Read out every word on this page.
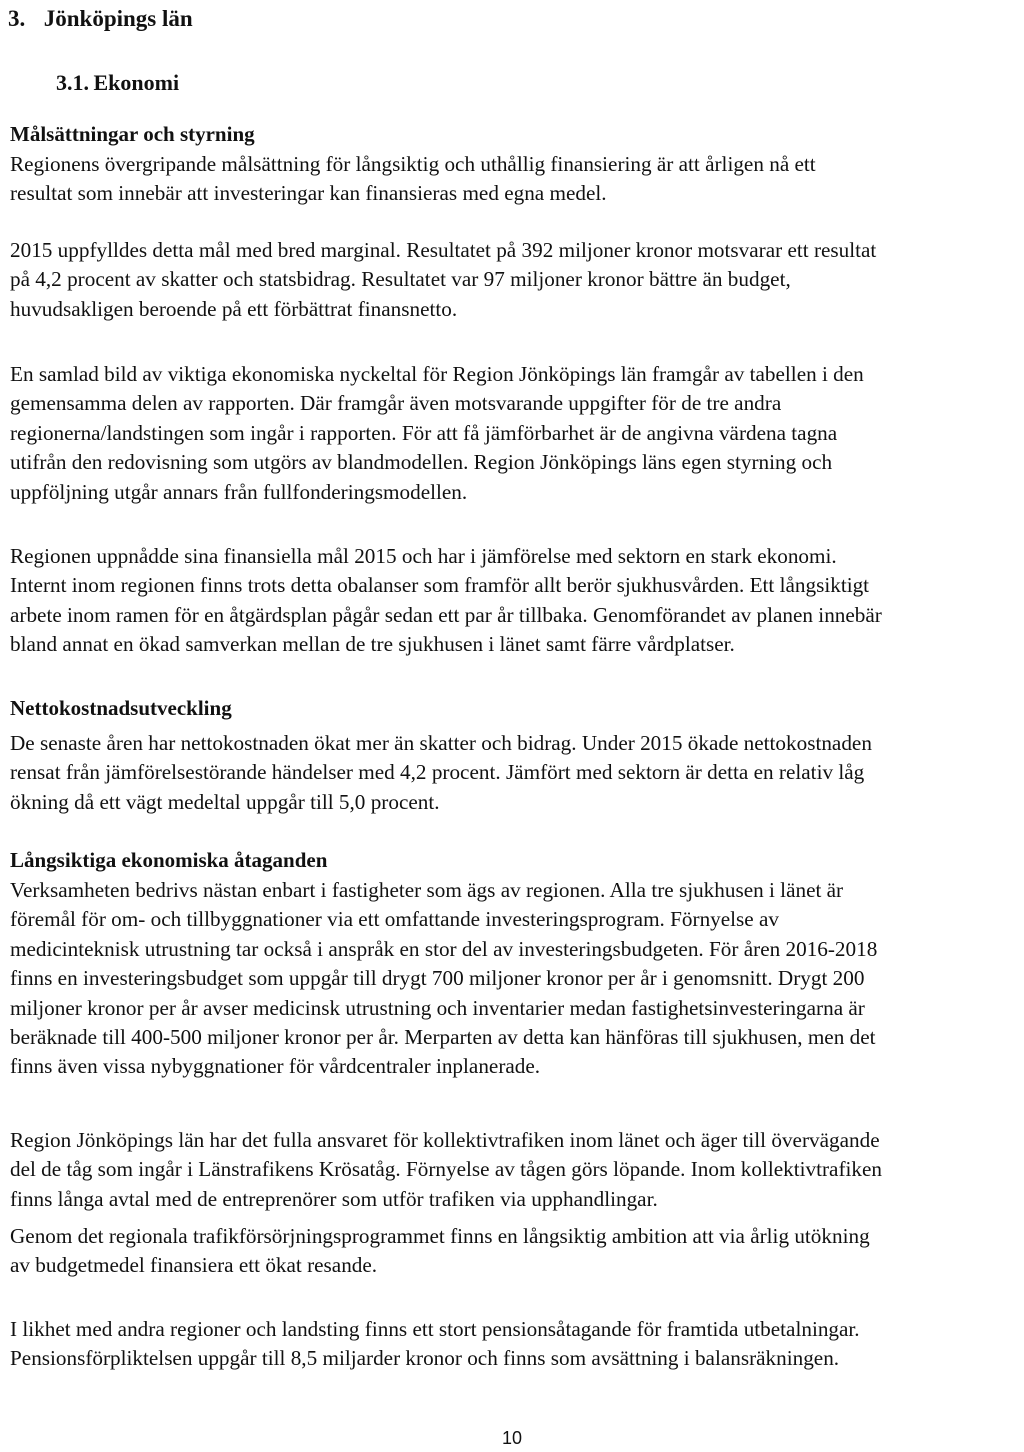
3. Jönköpings län
3.1. Ekonomi
Målsättningar och styrning

Regionens övergripande målsättning för långsiktig och uthållig finansiering är att årligen nå ett
resultat som innebär att investeringar kan finansieras med egna medel.

2015 uppfylldes detta mål med bred marginal. Resultatet på 392 miljoner kronor motsvarar ett resultat
på 4,2 procent av skatter och statsbidrag. Resultatet var 97 miljoner kronor bättre än budget,
huvudsakligen beroende på ett förbättrat finansnetto.

En samlad bild av viktiga ekonomiska nyckeltal för Region Jönköpings län framgår av tabellen i den
gemensamma delen av rapporten. Där framgår även motsvarande uppgifter för de tre andra
regionerna/landstingen som ingår i rapporten. För att få jämförbarhet är de angivna värdena tagna
utifrån den redovisning som utgörs av blandmodellen. Region Jönköpings läns egen styrning och
uppföljning utgår annars från fullfonderingsmodellen.

Regionen uppnådde sina finansiella mål 2015 och har i jämförelse med sektorn en stark ekonomi.
Internt inom regionen finns trots detta obalanser som framför allt berör sjukhusvården. Ett långsiktigt
arbete inom ramen för en åtgärdsplan pågår sedan ett par år tillbaka. Genomförandet av planen innebär
bland annat en ökad samverkan mellan de tre sjukhusen i länet samt färre vårdplatser.

Nettokostnadsutveckling

De senaste åren har nettokostnaden ökat mer än skatter och bidrag. Under 2015 ökade nettokostnaden
rensat från jämförelsestörande händelser med 4,2 procent. Jämfört med sektorn är detta en relativ låg
ökning då ett vägt medeltal uppgår till 5,0 procent.

Långsiktiga ekonomiska åtaganden

Verksamheten bedrivs nästan enbart i fastigheter som ägs av regionen. Alla tre sjukhusen i länet är
föremål för om- och tillbyggnationer via ett omfattande investeringsprogram. Förnyelse av
medicinteknisk utrustning tar också i anspråk en stor del av investeringsbudgeten. För åren 2016-2018
finns en investeringsbudget som uppgår till drygt 700 miljoner kronor per år i genomsnitt. Drygt 200
miljoner kronor per år avser medicinsk utrustning och inventarier medan fastighetsinvesteringarna är
beräknade till 400-500 miljoner kronor per år. Merparten av detta kan hänföras till sjukhusen, men det
finns även vissa nybyggnationer för vårdcentraler inplanerade.

Region Jönköpings län har det fulla ansvaret för kollektivtrafiken inom länet och äger till övervägande
del de tåg som ingår i Länstrafikens Krösatåg. Förnyelse av tågen görs löpande. Inom kollektivtrafiken
finns långa avtal med de entreprenörer som utför trafiken via upphandlingar.

Genom det regionala trafikförsörjningsprogrammet finns en långsiktig ambition att via årlig utökning
av budgetmedel finansiera ett ökat resande.

I likhet med andra regioner och landsting finns ett stort pensionsåtagande för framtida utbetalningar.
Pensionsförpliktelsen uppgår till 8,5 miljarder kronor och finns som avsättning i balansräkningen.

10
